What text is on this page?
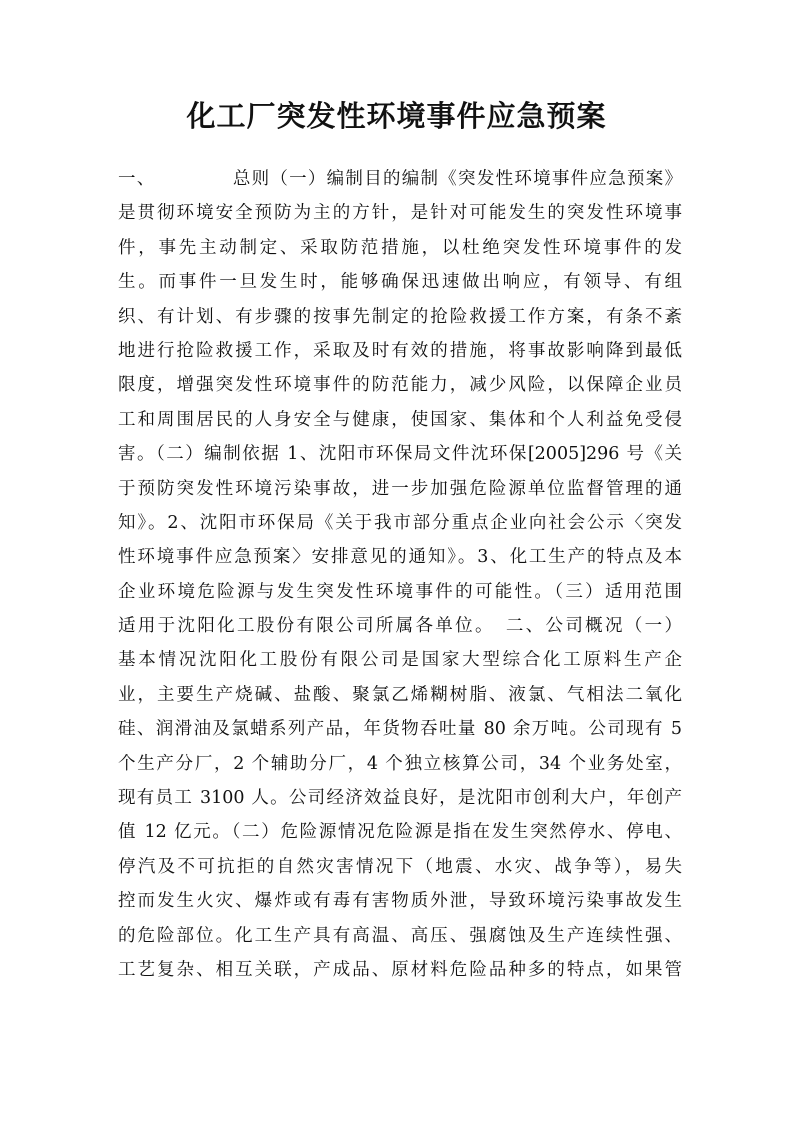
化工厂突发性环境事件应急预案
一、	总则（一）编制目的编制《突发性环境事件应急预案》
是贯彻环境安全预防为主的方针，是针对可能发生的突发性环境事
件，事先主动制定、采取防范措施，以杜绝突发性环境事件的发
生。而事件一旦发生时，能够确保迅速做出响应，有领导、有组
织、有计划、有步骤的按事先制定的抢险救援工作方案，有条不紊
地进行抢险救援工作，采取及时有效的措施，将事故影响降到最低
限度，增强突发性环境事件的防范能力，减少风险，以保障企业员
工和周围居民的人身安全与健康，使国家、集体和个人利益免受侵
害。（二）编制依据 1、沈阳市环保局文件沈环保[2005]296 号《关
于预防突发性环境污染事故，进一步加强危险源单位监督管理的通
知》。2、沈阳市环保局《关于我市部分重点企业向社会公示〈突发
性环境事件应急预案〉安排意见的通知》。3、化工生产的特点及本
企业环境危险源与发生突发性环境事件的可能性。（三）适用范围
适用于沈阳化工股份有限公司所属各单位。　二、公司概况（一）
基本情况沈阳化工股份有限公司是国家大型综合化工原料生产企
业，主要生产烧碱、盐酸、聚氯乙烯糊树脂、液氯、气相法二氧化
硅、润滑油及氯蜡系列产品，年货物吞吐量 80 余万吨。公司现有 5
个生产分厂，2 个辅助分厂，4 个独立核算公司，34 个业务处室，
现有员工 3100 人。公司经济效益良好，是沈阳市创利大户，年创产
值 12 亿元。（二）危险源情况危险源是指在发生突然停水、停电、
停汽及不可抗拒的自然灾害情况下（地震、水灾、战争等），易失
控而发生火灾、爆炸或有毒有害物质外泄，导致环境污染事故发生
的危险部位。化工生产具有高温、高压、强腐蚀及生产连续性强、
工艺复杂、相互关联，产成品、原材料危险品种多的特点，如果管
